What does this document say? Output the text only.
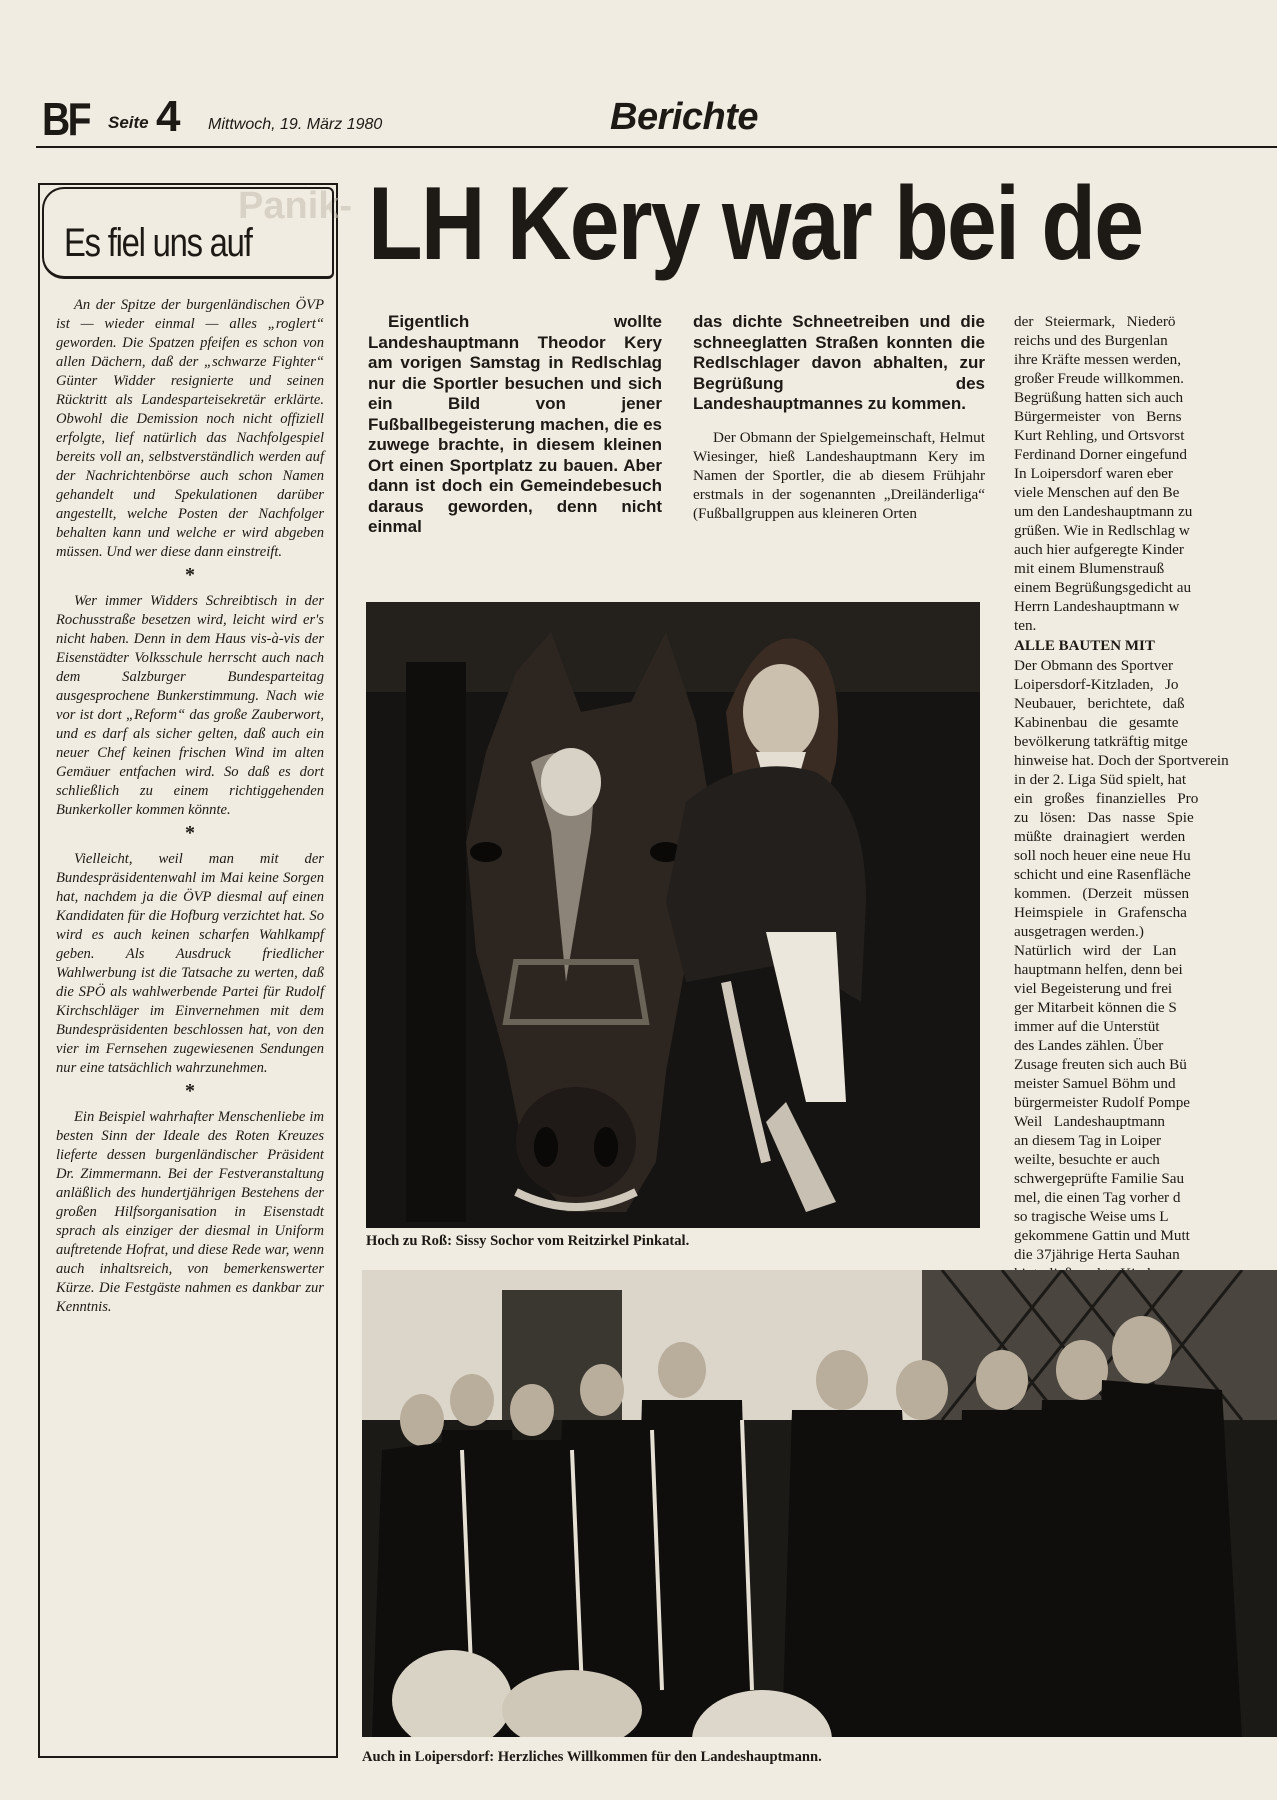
BF Seite 4 Mittwoch, 19. März 1980	Berichte
Panik-
Es fiel uns auf

An der Spitze der burgenländischen ÖVP ist — wieder einmal — alles „roglert“ geworden. Die Spatzen pfeifen es schon von allen Dächern, daß der „schwarze Fighter“ Günter Widder resignierte und seinen Rücktritt als Landesparteisekretär erklärte. Obwohl die Demission noch nicht offiziell erfolgte, lief natürlich das Nachfolgespiel bereits voll an, selbstverständlich werden auf der Nachrichtenbörse auch schon Namen gehandelt und Spekulationen darüber angestellt, welche Posten der Nachfolger behalten kann und welche er wird abgeben müssen. Und wer diese dann einstreift.

*

Wer immer Widders Schreibtisch in der Rochusstraße besetzen wird, leicht wird er's nicht haben. Denn in dem Haus vis-à-vis der Eisenstädter Volksschule herrscht auch nach dem Salzburger Bundesparteitag ausgesprochene Bunkerstimmung. Nach wie vor ist dort „Reform“ das große Zauberwort, und es darf als sicher gelten, daß auch ein neuer Chef keinen frischen Wind im alten Gemäuer entfachen wird. So daß es dort schließlich zu einem richtiggehenden Bunkerkoller kommen könnte.

*

Vielleicht, weil man mit der Bundespräsidentenwahl im Mai keine Sorgen hat, nachdem ja die ÖVP diesmal auf einen Kandidaten für die Hofburg verzichtet hat. So wird es auch keinen scharfen Wahlkampf geben. Als Ausdruck friedlicher Wahlwerbung ist die Tatsache zu werten, daß die SPÖ als wahlwerbende Partei für Rudolf Kirchschläger im Einvernehmen mit dem Bundespräsidenten beschlossen hat, von den vier im Fernsehen zugewiesenen Sendungen nur eine tatsächlich wahrzunehmen.

*

Ein Beispiel wahrhafter Menschenliebe im besten Sinn der Ideale des Roten Kreuzes lieferte dessen burgenländischer Präsident Dr. Zimmermann. Bei der Festveranstaltung anläßlich des hundertjährigen Bestehens der großen Hilfsorganisation in Eisenstadt sprach als einziger der diesmal in Uniform auftretende Hofrat, und diese Rede war, wenn auch inhaltsreich, von bemerkenswerter Kürze. Die Festgäste nahmen es dankbar zur Kenntnis.

LH Kery war bei de

Eigentlich wollte Landeshauptmann Theodor Kery am vorigen Samstag in Redlschlag nur die Sportler besuchen und sich ein Bild von jener Fußballbegeisterung machen, die es zuwege brachte, in diesem kleinen Ort einen Sportplatz zu bauen. Aber dann ist doch ein Gemeindebesuch daraus geworden, denn nicht einmal

das dichte Schneetreiben und die schneeglatten Straßen konnten die Redlschlager davon abhalten, zur Begrüßung des Landeshauptmannes zu kommen.

Der Obmann der Spielgemeinschaft, Helmut Wiesinger, hieß Landeshauptmann Kery im Namen der Sportler, die ab diesem Frühjahr erstmals in der sogenannten „Dreiländerliga“ (Fußballgruppen aus kleineren Orten

der   Steiermark,   Niederö

reichs und des Burgenlan

ihre Kräfte messen werden,

großer Freude willkommen.

Begrüßung hatten sich auch

Bürgermeister   von   Berns

Kurt Rehling, und Ortsvorst

Ferdinand Dorner eingefund

In Loipersdorf waren eber

viele Menschen auf den Be

um den Landeshauptmann zu

grüßen. Wie in Redlschlag w

auch hier aufgeregte Kinder

mit einem Blumenstrauß

einem Begrüßungsgedicht au

Herrn Landeshauptmann w

ten.

ALLE BAUTEN MIT

Der Obmann des Sportver

Loipersdorf-Kitzladen,   Jo

Neubauer,   berichtete,   daß

Kabinenbau   die   gesamte

bevölkerung tatkräftig mitge

hinweise hat. Doch der Sportverein

in der 2. Liga Süd spielt, hat

ein   großes   finanzielles   Pro

zu   lösen:   Das   nasse   Spie

müßte   drainagiert   werden

soll noch heuer eine neue Hu

schicht und eine Rasenfläche

kommen.   (Derzeit   müssen

Heimspiele   in   Grafenscha

ausgetragen werden.)

Natürlich   wird   der   Lan

hauptmann helfen, denn bei

viel Begeisterung und frei

ger Mitarbeit können die S

immer auf die Unterstüt

des Landes zählen. Über

Zusage freuten sich auch Bü

meister Samuel Böhm und

bürgermeister Rudolf Pompe

Weil   Landeshauptmann

an diesem Tag in Loiper

weilte, besuchte er auch

schwergeprüfte Familie Sau

mel, die einen Tag vorher d

so tragische Weise ums L

gekommene Gattin und Mutt

die 37jährige Herta Sauhan

Hoch zu Roß: Sissy Sochor vom Reitzirkel Pinkatal.
Auch in Loipersdorf: Herzliches Willkommen für den Landeshauptmann.
